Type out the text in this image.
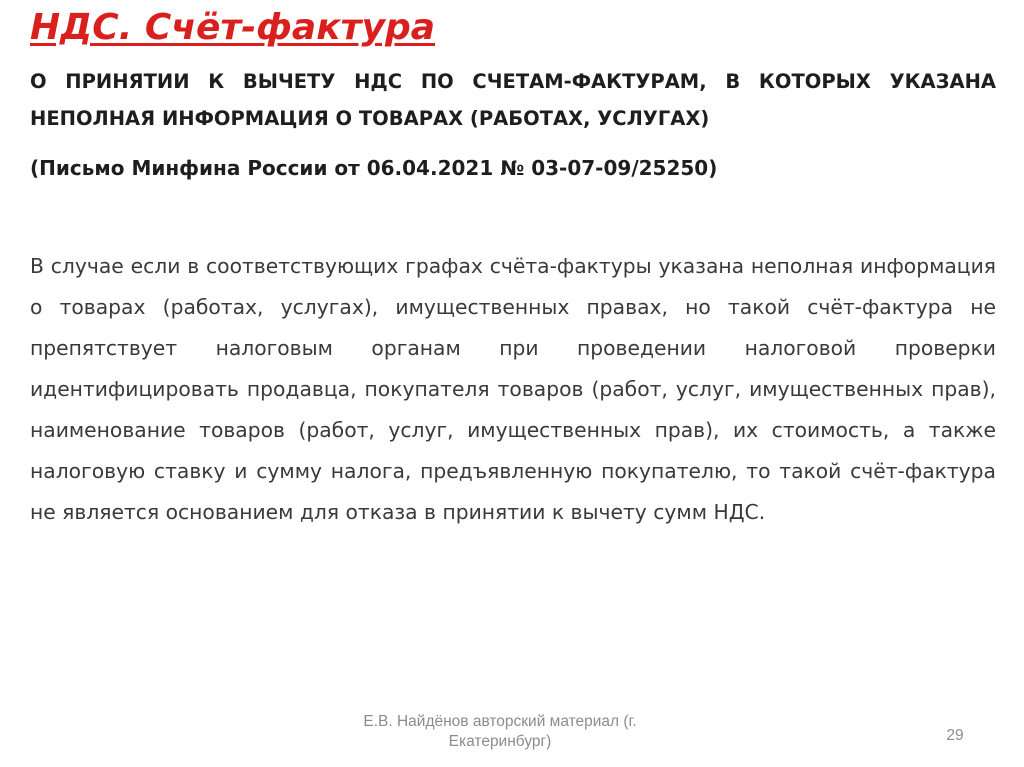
НДС. Счёт-фактура

О ПРИНЯТИИ К ВЫЧЕТУ НДС ПО СЧЕТАМ-ФАКТУРАМ, В КОТОРЫХ УКАЗАНА НЕПОЛНАЯ ИНФОРМАЦИЯ О ТОВАРАХ (РАБОТАХ, УСЛУГАХ)

(Письмо Минфина России от 06.04.2021 № 03-07-09/25250)

В случае если в соответствующих графах счёта-фактуры указана неполная информация о товарах (работах, услугах), имущественных правах, но такой счёт-фактура не препятствует налоговым органам при проведении налоговой проверки идентифицировать продавца, покупателя товаров (работ, услуг, имущественных прав), наименование товаров (работ, услуг, имущественных прав), их стоимость, а также налоговую ставку и сумму налога, предъявленную покупателю, то такой счёт-фактура не является основанием для отказа в принятии к вычету сумм НДС.

Е.В. Найдёнов авторский материал (г.
Екатеринбург)	29
